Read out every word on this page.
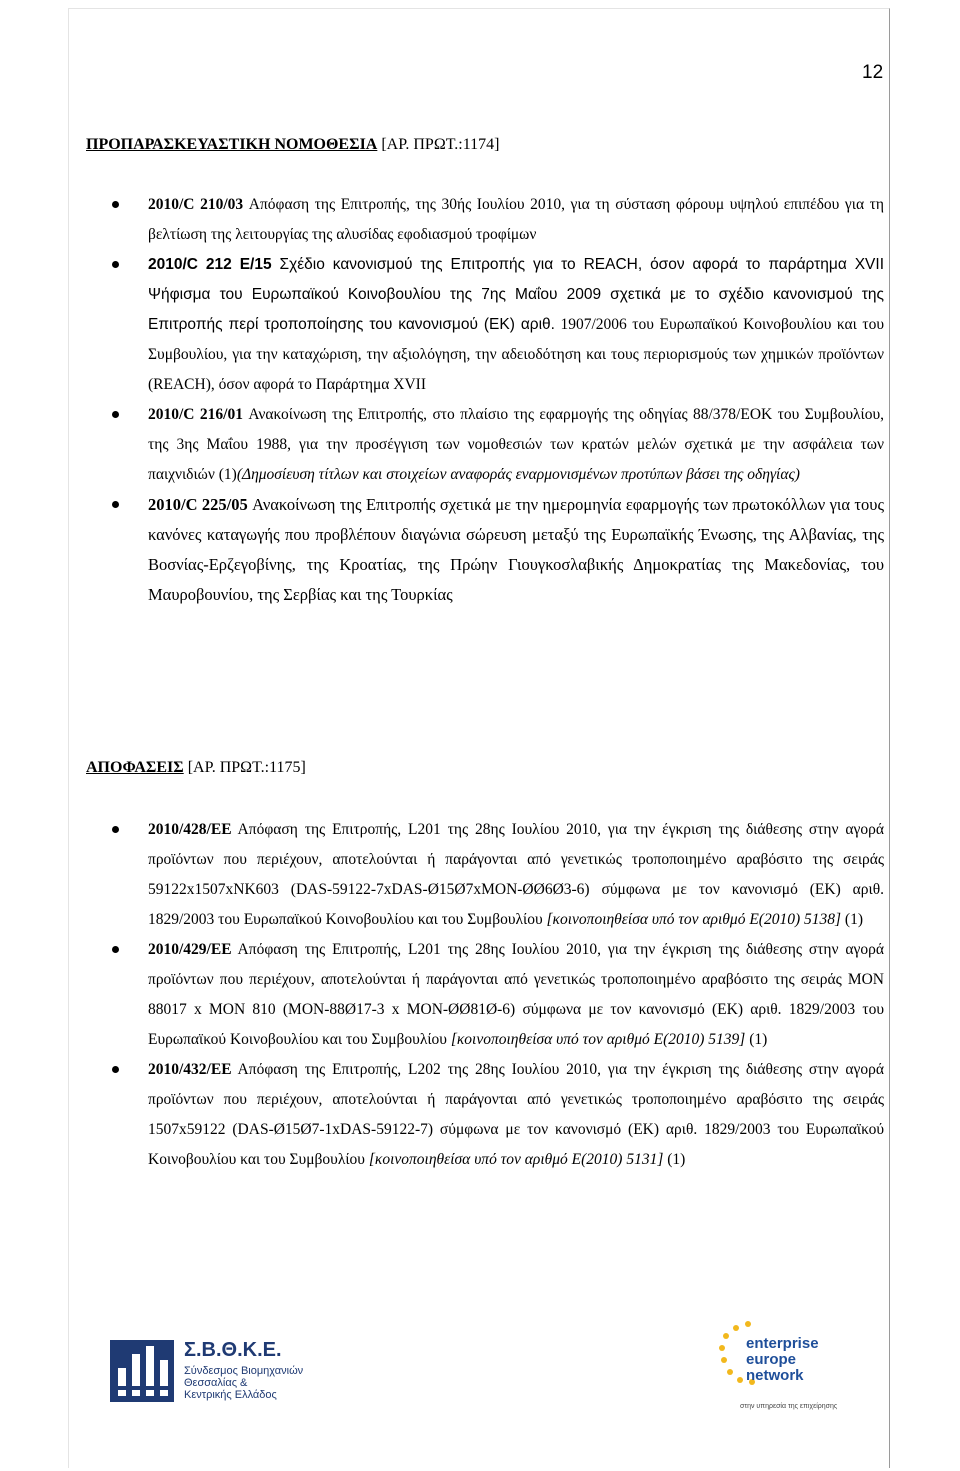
12
ΠΡΟΠΑΡΑΣΚΕΥΑΣΤΙΚΗ ΝΟΜΟΘΕΣΙΑ [ΑΡ. ΠΡΩΤ.:1174]
2010/C 210/03 Απόφαση της Επιτροπής, της 30ής Ιουλίου 2010, για τη σύσταση φόρουμ υψηλού επιπέδου για τη βελτίωση της λειτουργίας της αλυσίδας εφοδιασμού τροφίμων
2010/C 212 E/15 Σχέδιο κανονισμού της Επιτροπής για το REACH, όσον αφορά το παράρτημα XVII Ψήφισμα του Ευρωπαϊκού Κοινοβουλίου της 7ης Μαΐου 2009 σχετικά με το σχέδιο κανονισμού της Επιτροπής περί τροποποίησης του κανονισμού (ΕΚ) αριθ. 1907/2006 του Ευρωπαϊκού Κοινοβουλίου και του Συμβουλίου, για την καταχώριση, την αξιολόγηση, την αδειοδότηση και τους περιορισμούς των χημικών προϊόντων (REACH), όσον αφορά το Παράρτημα XVII
2010/C 216/01 Ανακοίνωση της Επιτροπής, στο πλαίσιο της εφαρμογής της οδηγίας 88/378/ΕΟΚ του Συμβουλίου, της 3ης Μαΐου 1988, για την προσέγγιση των νομοθεσιών των κρατών μελών σχετικά με την ασφάλεια των παιχνιδιών (1)(Δημοσίευση τίτλων και στοιχείων αναφοράς εναρμονισμένων προτύπων βάσει της οδηγίας)
2010/C 225/05 Ανακοίνωση της Επιτροπής σχετικά με την ημερομηνία εφαρμογής των πρωτοκόλλων για τους κανόνες καταγωγής που προβλέπουν διαγώνια σώρευση μεταξύ της Ευρωπαϊκής Ένωσης, της Αλβανίας, της Βοσνίας-Ερζεγοβίνης, της Κροατίας, της Πρώην Γιουγκοσλαβικής Δημοκρατίας της Μακεδονίας, του Μαυροβουνίου, της Σερβίας και της Τουρκίας
ΑΠΟΦΑΣΕΙΣ [ΑΡ. ΠΡΩΤ.:1175]
2010/428/ΕΕ Απόφαση της Επιτροπής, L201 της 28ης Ιουλίου 2010, για την έγκριση της διάθεσης στην αγορά προϊόντων που περιέχουν, αποτελούνται ή παράγονται από γενετικώς τροποποιημένο αραβόσιτο της σειράς 59122x1507xNK603 (DAS-59122-7xDAS-Ø15Ø7xMON-ØØ6Ø3-6) σύμφωνα με τον κανονισμό (ΕΚ) αριθ. 1829/2003 του Ευρωπαϊκού Κοινοβουλίου και του Συμβουλίου [κοινοποιηθείσα υπό τον αριθμό Ε(2010) 5138] (1)
2010/429/ΕΕ Απόφαση της Επιτροπής, L201 της 28ης Ιουλίου 2010, για την έγκριση της διάθεσης στην αγορά προϊόντων που περιέχουν, αποτελούνται ή παράγονται από γενετικώς τροποποιημένο αραβόσιτο της σειράς MON 88017 x MON 810 (MON-88Ø17-3 x MON-ØØ81Ø-6) σύμφωνα με τον κανονισμό (ΕΚ) αριθ. 1829/2003 του Ευρωπαϊκού Κοινοβουλίου και του Συμβουλίου [κοινοποιηθείσα υπό τον αριθμό Ε(2010) 5139] (1)
2010/432/ΕΕ Απόφαση της Επιτροπής, L202 της 28ης Ιουλίου 2010, για την έγκριση της διάθεσης στην αγορά προϊόντων που περιέχουν, αποτελούνται ή παράγονται από γενετικώς τροποποιημένο αραβόσιτο της σειράς 1507x59122 (DAS-Ø15Ø7-1xDAS-59122-7) σύμφωνα με τον κανονισμό (ΕΚ) αριθ. 1829/2003 του Ευρωπαϊκού Κοινοβουλίου και του Συμβουλίου [κοινοποιηθείσα υπό τον αριθμό Ε(2010) 5131] (1)
Σ.Β.Θ.Κ.Ε.
Σύνδεσμος Βιομηχανιών
Θεσσαλίας &
Κεντρικής Ελλάδος
enterprise
europe
network
στην υπηρεσία της επιχείρησης
